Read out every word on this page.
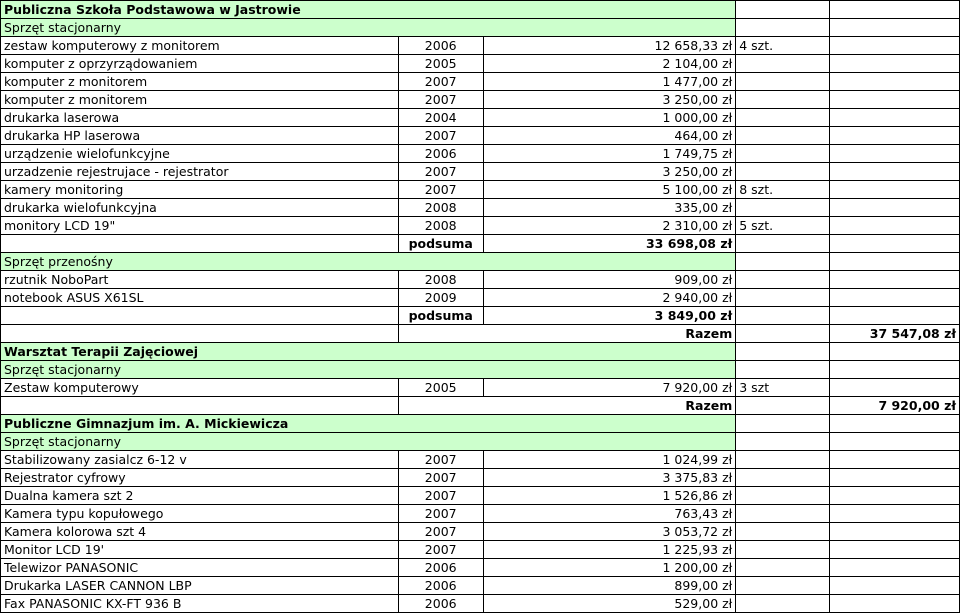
Publiczna Szkoła Podstawowa w Jastrowie				
Sprzęt stacjonarny				
zestaw komputerowy z monitorem	2006	12 658,33 zł	4 szt.	
komputer z oprzyrządowaniem	2005	2 104,00 zł		
komputer z monitorem	2007	1 477,00 zł		
komputer z monitorem	2007	3 250,00 zł		
drukarka laserowa	2004	1 000,00 zł		
drukarka HP laserowa	2007	464,00 zł		
urządzenie wielofunkcyjne	2006	1 749,75 zł		
urzadzenie rejestrujace - rejestrator	2007	3 250,00 zł		
kamery monitoring	2007	5 100,00 zł	8 szt.	
drukarka wielofunkcyjna	2008	335,00 zł		
monitory LCD 19"	2008	2 310,00 zł	5 szt.	
	podsuma	33 698,08 zł		
Sprzęt przenośny				
rzutnik NoboPart	2008	909,00 zł		
notebook ASUS X61SL	2009	2 940,00 zł		
	podsuma	3 849,00 zł		
		Razem		37 547,08 zł
Warsztat Terapii Zajęciowej				
Sprzęt stacjonarny				
Zestaw komputerowy	2005	7 920,00 zł	3 szt	
		Razem		7 920,00 zł
Publiczne Gimnazjum im. A. Mickiewicza				
Sprzęt stacjonarny				
Stabilizowany zasialcz 6-12 v	2007	1 024,99 zł		
Rejestrator cyfrowy	2007	3 375,83 zł		
Dualna kamera szt 2	2007	1 526,86 zł		
Kamera typu kopułowego	2007	763,43 zł		
Kamera kolorowa szt 4	2007	3 053,72 zł		
Monitor LCD 19'	2007	1 225,93 zł		
Telewizor PANASONIC	2006	1 200,00 zł		
Drukarka LASER CANNON LBP	2006	899,00 zł		
Fax PANASONIC KX-FT 936 B	2006	529,00 zł		
